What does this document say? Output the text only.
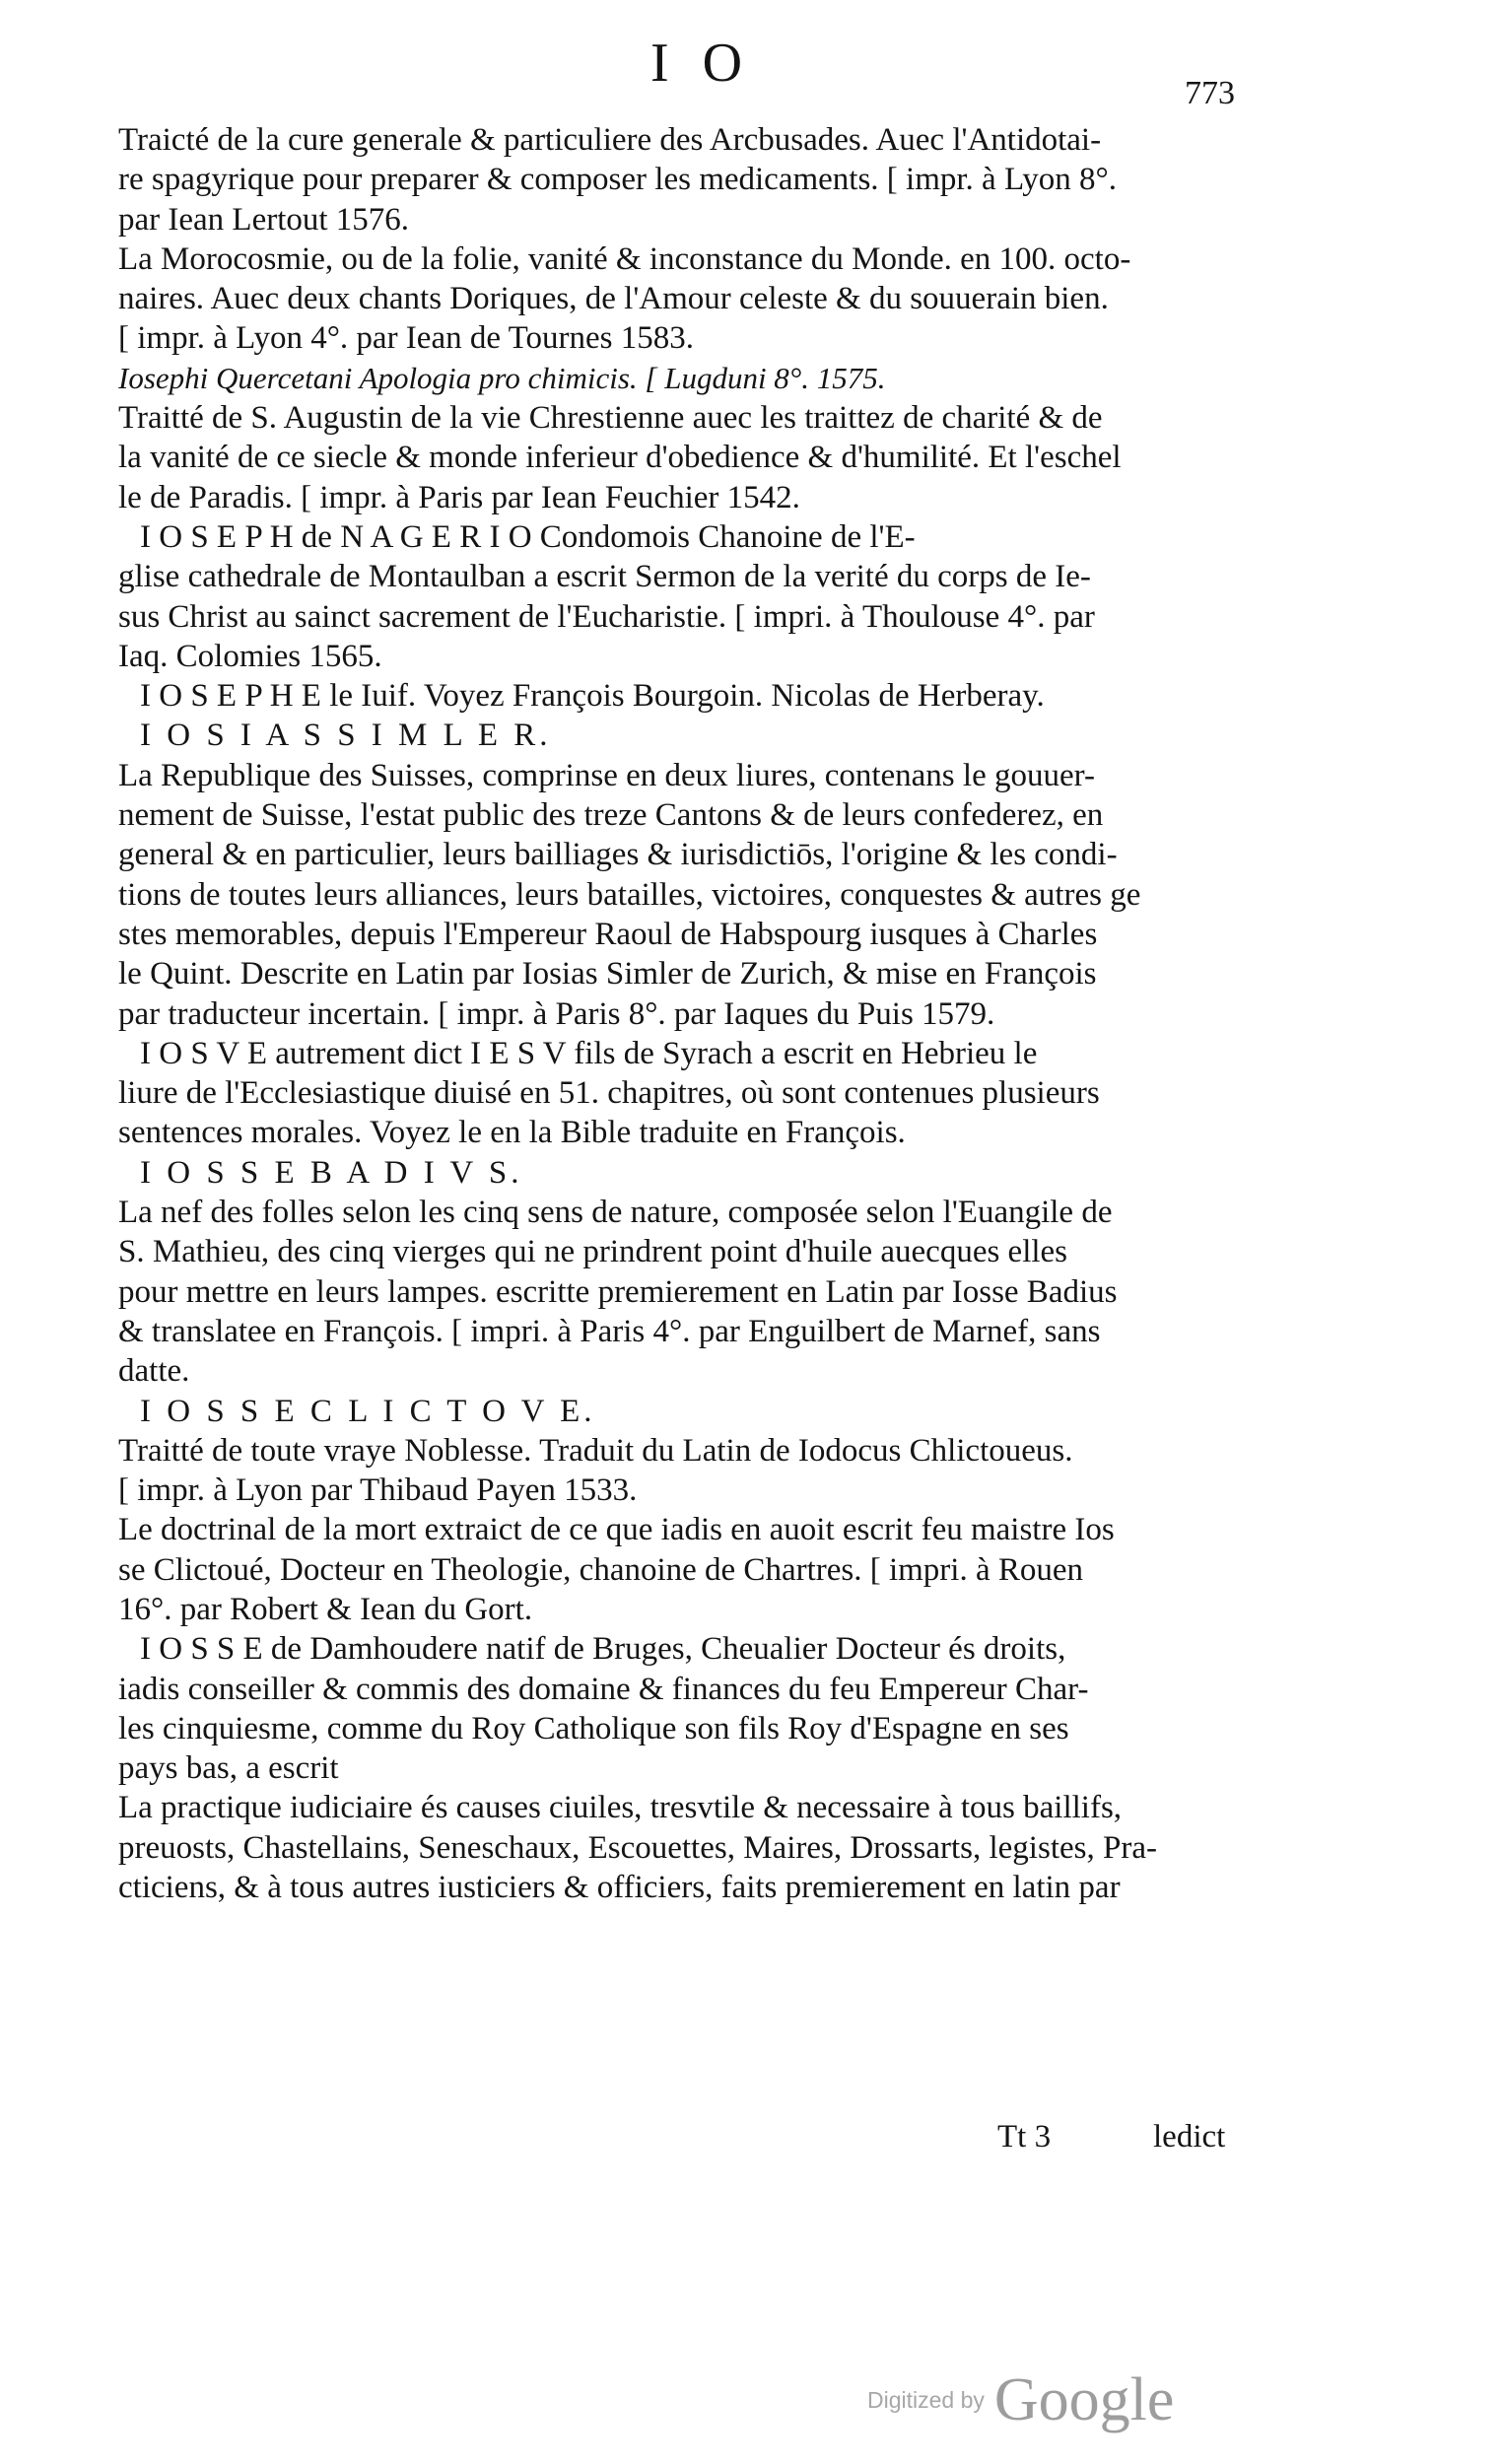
I O	773
Traicté de la cure generale & particuliere des Arcbusades. Auec l'Antidotai-
re spagyrique pour preparer & composer les medicaments. [ impr. à Lyon 8°.
par Iean Lertout 1576.
La Morocosmie, ou de la folie, vanité & inconstance du Monde. en 100. octo-
naires. Auec deux chants Doriques, de l'Amour celeste & du souuerain bien.
[ impr. à Lyon 4°. par Iean de Tournes 1583.
Iosephi Quercetani Apologia pro chimicis. [ Lugduni 8°. 1575.
Traitté de S. Augustin de la vie Chrestienne auec les traittez de charité & de
la vanité de ce siecle & monde inferieur d'obedience & d'humilité. Et l'eschel
le de Paradis. [ impr. à Paris par Iean Feuchier 1542.
I O S E P H de N A G E R I O Condomois Chanoine de l'E-
glise cathedrale de Montaulban a escrit Sermon de la verité du corps de Ie-
sus Christ au sainct sacrement de l'Eucharistie. [ impri. à Thoulouse 4°. par
Iaq. Colomies 1565.
I O S E P H E le Iuif. Voyez François Bourgoin. Nicolas de Herberay.
I O S I A S S I M L E R.
La Republique des Suisses, comprinse en deux liures, contenans le gouuer-
nement de Suisse, l'estat public des treze Cantons & de leurs confederez, en
general & en particulier, leurs bailliages & iurisdictiōs, l'origine & les condi-
tions de toutes leurs alliances, leurs batailles, victoires, conquestes & autres ge
stes memorables, depuis l'Empereur Raoul de Habspourg iusques à Charles
le Quint. Descrite en Latin par Iosias Simler de Zurich, & mise en François
par traducteur incertain. [ impr. à Paris 8°. par Iaques du Puis 1579.
I O S V E autrement dict I E S V fils de Syrach a escrit en Hebrieu le
liure de l'Ecclesiastique diuisé en 51. chapitres, où sont contenues plusieurs
sentences morales. Voyez le en la Bible traduite en François.
I O S S E B A D I V S.
La nef des folles selon les cinq sens de nature, composée selon l'Euangile de
S. Mathieu, des cinq vierges qui ne prindrent point d'huile auecques elles
pour mettre en leurs lampes. escritte premierement en Latin par Iosse Badius
& translatee en François. [ impri. à Paris 4°. par Enguilbert de Marnef, sans
datte.
I O S S E C L I C T O V E.
Traitté de toute vraye Noblesse. Traduit du Latin de Iodocus Chlictoueus.
[ impr. à Lyon par Thibaud Payen 1533.
Le doctrinal de la mort extraict de ce que iadis en auoit escrit feu maistre Ios
se Clictoué, Docteur en Theologie, chanoine de Chartres. [ impri. à Rouen
16°. par Robert & Iean du Gort.
I O S S E de Damhoudere natif de Bruges, Cheualier Docteur és droits,
iadis conseiller & commis des domaine & finances du feu Empereur Char-
les cinquiesme, comme du Roy Catholique son fils Roy d'Espagne en ses
pays bas, a escrit
La practique iudiciaire és causes ciuiles, tresvtile & necessaire à tous baillifs,
preuosts, Chastellains, Seneschaux, Escouettes, Maires, Drossarts, legistes, Pra-
cticiens, & à tous autres iusticiers & officiers, faits premierement en latin par
Tt 3	ledict
Digitized by Google
